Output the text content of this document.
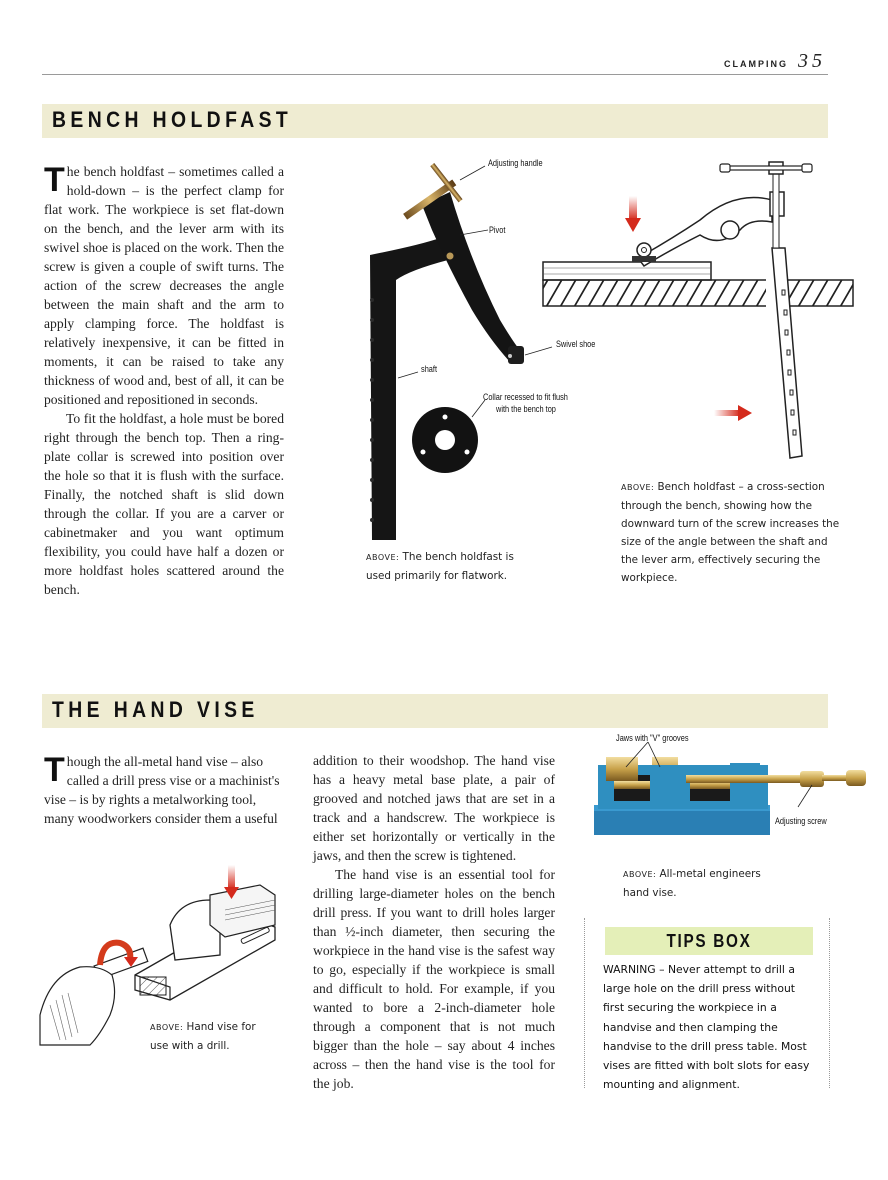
CLAMPING 35
BENCH HOLDFAST

The bench holdfast – sometimes called a hold-down – is the perfect clamp for flat work. The workpiece is set flat-down on the bench, and the lever arm with its swivel shoe is placed on the work. Then the screw is given a couple of swift turns. The action of the screw decreases the angle between the main shaft and the arm to apply clamping force. The holdfast is relatively inexpensive, it can be fitted in moments, it can be raised to take any thickness of wood and, best of all, it can be positioned and repositioned in seconds.

To fit the holdfast, a hole must be bored right through the bench top. Then a ring-plate collar is screwed into position over the hole so that it is flush with the surface. Finally, the notched shaft is slid down through the collar. If you are a carver or cabinetmaker and you want optimum flexibility, you could have half a dozen or more holdfast holes scattered around the bench.

Adjusting handle
Pivot
Swivel shoe
shaft
Collar recessed to fit flush
with the bench top
ABOVE: The bench holdfast is used primarily for flatwork.
ABOVE: Bench holdfast – a cross-section through the bench, showing how the downward turn of the screw increases the size of the angle between the shaft and the lever arm, effectively securing the workpiece.
THE HAND VISE

Though the all-metal hand vise – also called a drill press vise or a machinist's vise – is by rights a metalworking tool, many woodworkers consider them a useful

addition to their woodshop. The hand vise has a heavy metal base plate, a pair of grooved and notched jaws that are set in a track and a handscrew. The workpiece is either set horizontally or vertically in the jaws, and then the screw is tightened.

The hand vise is an essential tool for drilling large-diameter holes on the bench drill press. If you want to drill holes larger than ½-inch diameter, then securing the workpiece in the hand vise is the safest way to go, especially if the workpiece is small and difficult to hold. For example, if you wanted to bore a 2-inch-diameter hole through a component that is not much bigger than the hole – say about 4 inches across – then the hand vise is the tool for the job.

ABOVE: Hand vise for use with a drill.
Jaws with "V" grooves
Adjusting screw
ABOVE: All-metal engineers hand vise.
TIPS BOX
WARNING – Never attempt to drill a large hole on the drill press without first securing the workpiece in a handvise and then clamping the handvise to the drill press table. Most vises are fitted with bolt slots for easy mounting and alignment.
